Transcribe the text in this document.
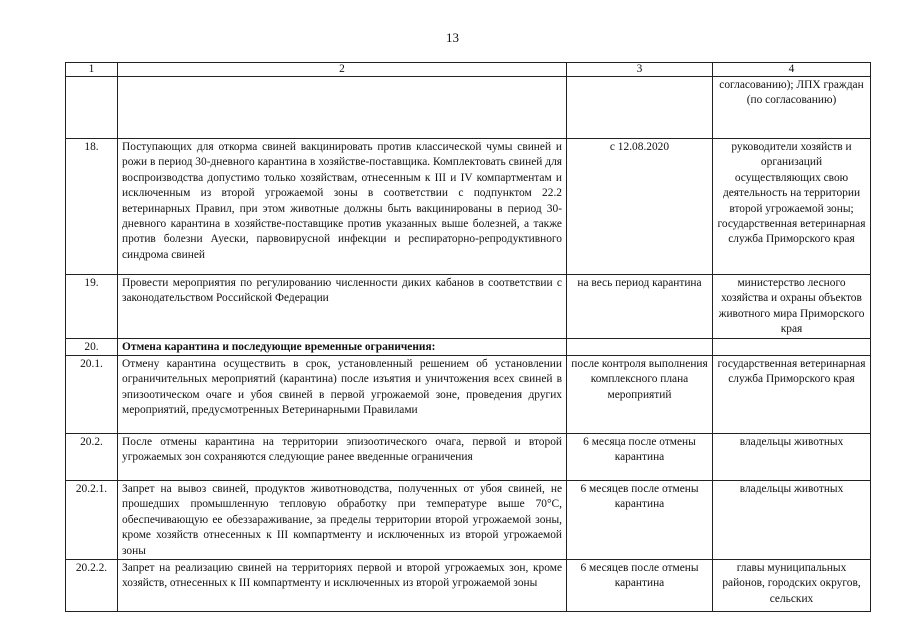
13
1	2	3	4
			согласованию); ЛПХ граждан (по согласованию)
18.	Поступающих для откорма свиней вакцинировать против классической чумы свиней и рожи в период 30-дневного карантина в хозяйстве-поставщика. Комплектовать свиней для воспроизводства допустимо только хозяйствам, отнесенным к III и IV компартментам и исключенным из второй угрожаемой зоны в соответствии с подпунктом 22.2 ветеринарных Правил, при этом животные должны быть вакцинированы в период 30-дневного карантина в хозяйстве-поставщике против указанных выше болезней, а также против болезни Ауески, парвовирусной инфекции и респираторно-репродуктивного синдрома свиней	с 12.08.2020	руководители хозяйств и организаций осуществляющих свою деятельность на территории второй угрожаемой зоны; государственная ветеринарная служба Приморского края
19.	Провести мероприятия по регулированию численности диких кабанов в соответствии с законодательством Российской Федерации	на весь период карантина	министерство лесного хозяйства и охраны объектов животного мира Приморского края
20.	Отмена карантина и последующие временные ограничения:		
20.1.	Отмену карантина осуществить в срок, установленный решением об установлении ограничительных мероприятий (карантина) после изъятия и уничтожения всех свиней в эпизоотическом очаге и убоя свиней в первой угрожаемой зоне, проведения других мероприятий, предусмотренных Ветеринарными Правилами	после контроля выполнения комплексного плана мероприятий	государственная ветеринарная служба Приморского края
20.2.	После отмены карантина на территории эпизоотического очага, первой и второй угрожаемых зон сохраняются следующие ранее введенные ограничения	6 месяца после отмены карантина	владельцы животных
20.2.1.	Запрет на вывоз свиней, продуктов животноводства, полученных от убоя свиней, не прошедших промышленную тепловую обработку при температуре выше 70°С, обеспечивающую ее обеззараживание, за пределы территории второй угрожаемой зоны, кроме хозяйств отнесенных к III компартменту и исключенных из второй угрожаемой зоны	6 месяцев после отмены карантина	владельцы животных
20.2.2.	Запрет на реализацию свиней на территориях первой и второй угрожаемых зон, кроме хозяйств, отнесенных к III компартменту и исключенных из второй угрожаемой зоны	6 месяцев после отмены карантина	главы муниципальных районов, городских округов, сельских
